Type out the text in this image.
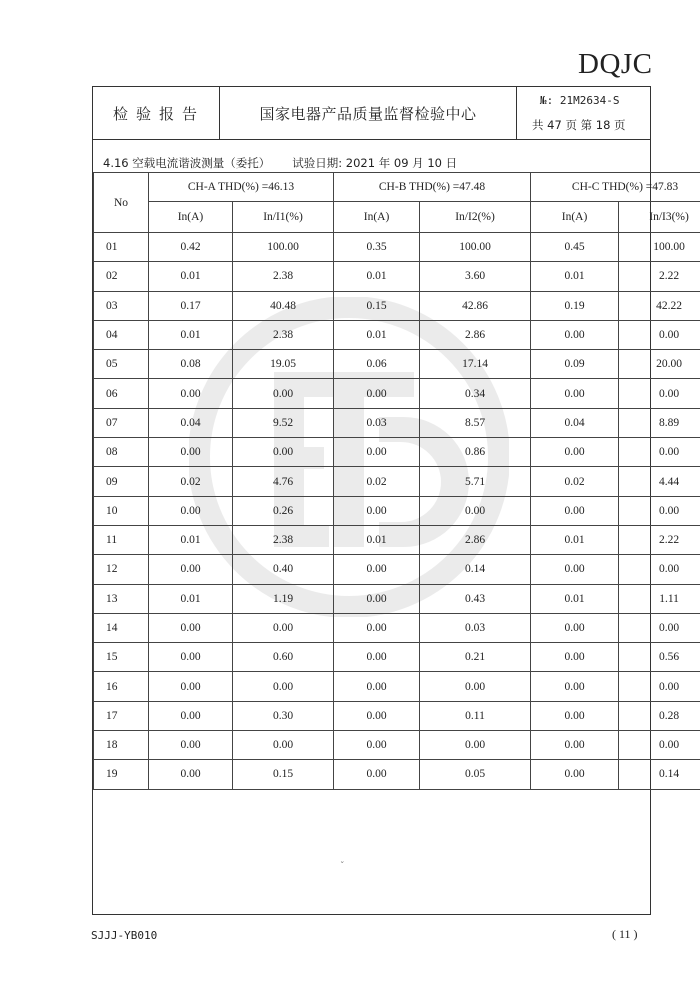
DQJC
检验报告	国家电器产品质量监督检验中心
№: 21M2634-S
共 47 页 第 18 页
4.16 空载电流谐波测量（委托） 试验日期: 2021 年 09 月 10 日
No	CH-A THD(%) =46.13		CH-B THD(%) =47.48		CH-C THD(%) =47.83	
	In(A)	In/I1(%)	In(A)	In/I2(%)	In(A)	In/I3(%)
01	0.42	100.00	0.35	100.00	0.45	100.00
02	0.01	2.38	0.01	3.60	0.01	2.22
03	0.17	40.48	0.15	42.86	0.19	42.22
04	0.01	2.38	0.01	2.86	0.00	0.00
05	0.08	19.05	0.06	17.14	0.09	20.00
06	0.00	0.00	0.00	0.34	0.00	0.00
07	0.04	9.52	0.03	8.57	0.04	8.89
08	0.00	0.00	0.00	0.86	0.00	0.00
09	0.02	4.76	0.02	5.71	0.02	4.44
10	0.00	0.26	0.00	0.00	0.00	0.00
11	0.01	2.38	0.01	2.86	0.01	2.22
12	0.00	0.40	0.00	0.14	0.00	0.00
13	0.01	1.19	0.00	0.43	0.01	1.11
14	0.00	0.00	0.00	0.03	0.00	0.00
15	0.00	0.60	0.00	0.21	0.00	0.56
16	0.00	0.00	0.00	0.00	0.00	0.00
17	0.00	0.30	0.00	0.11	0.00	0.28
18	0.00	0.00	0.00	0.00	0.00	0.00
19	0.00	0.15	0.00	0.05	0.00	0.14
ˇ
SJJJ-YB010	( 11 )
